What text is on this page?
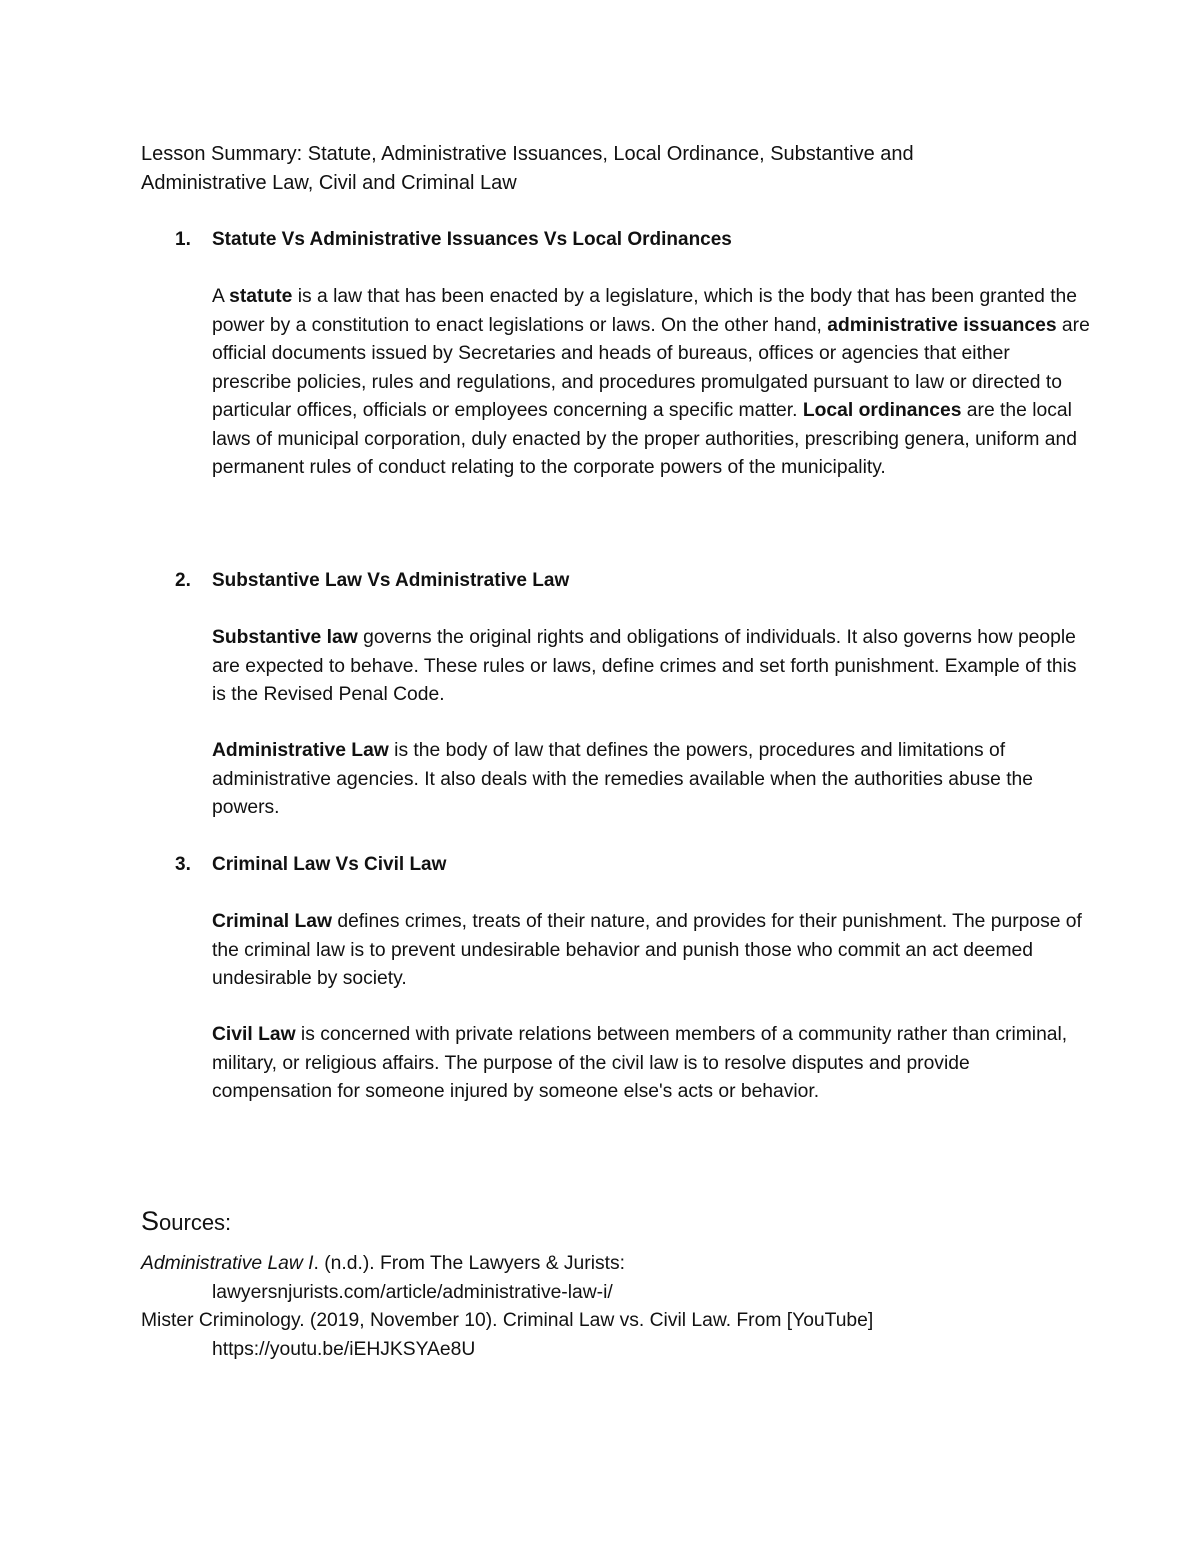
Lesson Summary: Statute, Administrative Issuances, Local Ordinance, Substantive and Administrative Law, Civil and Criminal Law

1. Statute Vs Administrative Issuances Vs Local Ordinances

A statute is a law that has been enacted by a legislature, which is the body that has been granted the power by a constitution to enact legislations or laws. On the other hand, administrative issuances are official documents issued by Secretaries and heads of bureaus, offices or agencies that either prescribe policies, rules and regulations, and procedures promulgated pursuant to law or directed to particular offices, officials or employees concerning a specific matter. Local ordinances are the local laws of municipal corporation, duly enacted by the proper authorities, prescribing genera, uniform and permanent rules of conduct relating to the corporate powers of the municipality.

2. Substantive Law Vs Administrative Law

Substantive law governs the original rights and obligations of individuals. It also governs how people are expected to behave. These rules or laws, define crimes and set forth punishment. Example of this is the Revised Penal Code.

Administrative Law is the body of law that defines the powers, procedures and limitations of administrative agencies. It also deals with the remedies available when the authorities abuse the powers.

3. Criminal Law Vs Civil Law

Criminal Law defines crimes, treats of their nature, and provides for their punishment. The purpose of the criminal law is to prevent undesirable behavior and punish those who commit an act deemed undesirable by society.

Civil Law is concerned with private relations between members of a community rather than criminal, military, or religious affairs. The purpose of the civil law is to resolve disputes and provide compensation for someone injured by someone else's acts or behavior.

Sources:
Administrative Law I. (n.d.). From The Lawyers & Jurists:
lawyersnjurists.com/article/administrative-law-i/
Mister Criminology. (2019, November 10). Criminal Law vs. Civil Law. From [YouTube]
https://youtu.be/iEHJKSYAe8U
